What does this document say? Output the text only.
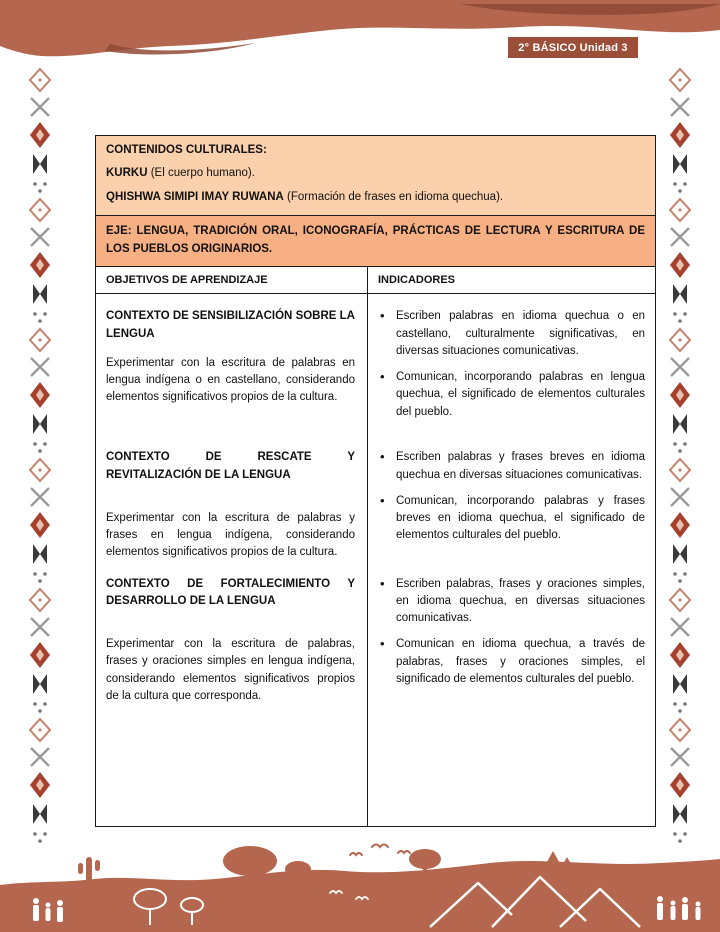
2° BÁSICO Unidad 3

CONTENIDOS CULTURALES:

KURKU (El cuerpo humano).

QHISHWA SIMIPI IMAY RUWANA (Formación de frases en idioma quechua).

EJE: LENGUA, TRADICIÓN ORAL, ICONOGRAFÍA, PRÁCTICAS DE LECTURA Y ESCRITURA DE LOS PUEBLOS ORIGINARIOS.
OBJETIVOS DE APRENDIZAJE	INDICADORES

CONTEXTO DE SENSIBILIZACIÓN SOBRE LA LENGUA

Experimentar con la escritura de palabras en lengua indígena o en castellano, considerando elementos significativos propios de la cultura.

• Escriben palabras en idioma quechua o en castellano, culturalmente significativas, en diversas situaciones comunicativas.
• Comunican, incorporando palabras en lengua quechua, el significado de elementos culturales del pueblo.

CONTEXTO DE RESCATE Y REVITALIZACIÓN DE LA LENGUA

Experimentar con la escritura de palabras y frases en lengua indígena, considerando elementos significativos propios de la cultura.

• Escriben palabras y frases breves en idioma quechua en diversas situaciones comunicativas.
• Comunican, incorporando palabras y frases breves en idioma quechua, el significado de elementos culturales del pueblo.

CONTEXTO DE FORTALECIMIENTO Y DESARROLLO DE LA LENGUA

Experimentar con la escritura de palabras, frases y oraciones simples en lengua indígena, considerando elementos significativos propios de la cultura que corresponda.

• Escriben palabras, frases y oraciones simples, en idioma quechua, en diversas situaciones comunicativas.
• Comunican en idioma quechua, a través de palabras, frases y oraciones simples, el significado de elementos culturales del pueblo.
